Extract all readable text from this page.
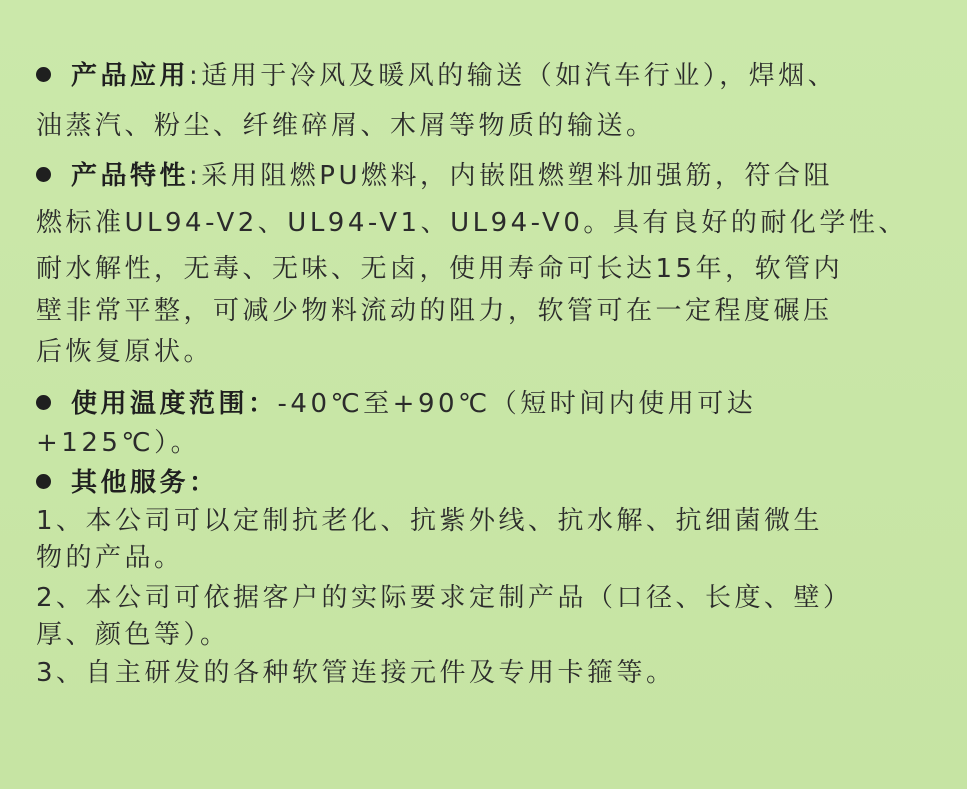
产品应用:适用于冷风及暖风的输送（如汽车行业），焊烟、
油蒸汽、粉尘、纤维碎屑、木屑等物质的输送。
产品特性:采用阻燃PU燃料，内嵌阻燃塑料加强筋，符合阻
燃标准UL94-V2、UL94-V1、UL94-V0。具有良好的耐化学性、
耐水解性，无毒、无味、无卤，使用寿命可长达15年，软管内
壁非常平整，可减少物料流动的阻力，软管可在一定程度碾压
后恢复原状。
使用温度范围：-40℃至+90℃（短时间内使用可达
+125℃）。
其他服务：
1、本公司可以定制抗老化、抗紫外线、抗水解、抗细菌微生
物的产品。
2、本公司可依据客户的实际要求定制产品（口径、长度、壁）
厚、颜色等）。
3、自主研发的各种软管连接元件及专用卡箍等。
